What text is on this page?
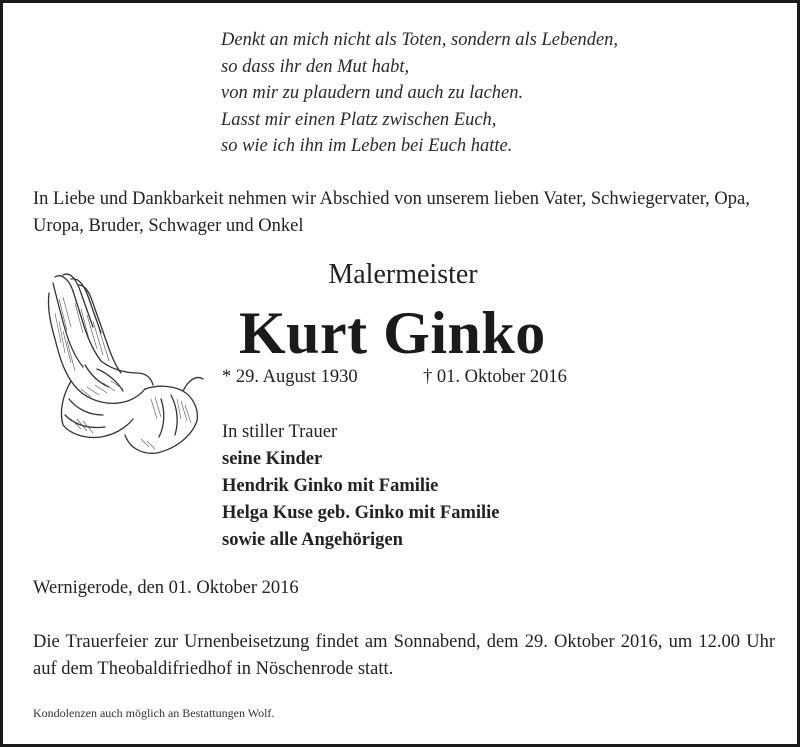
Denkt an mich nicht als Toten, sondern als Lebenden,
so dass ihr den Mut habt,
von mir zu plaudern und auch zu lachen.
Lasst mir einen Platz zwischen Euch,
so wie ich ihn im Leben bei Euch hatte.
In Liebe und Dankbarkeit nehmen wir Abschied von unserem lieben Vater, Schwiegervater, Opa, Uropa, Bruder, Schwager und Onkel
Malermeister
Kurt Ginko
* 29. August 1930	† 01. Oktober 2016
In stiller Trauer
seine Kinder
Hendrik Ginko mit Familie
Helga Kuse geb. Ginko mit Familie
sowie alle Angehörigen
Wernigerode, den 01. Oktober 2016
Die Trauerfeier zur Urnenbeisetzung findet am Sonnabend, dem 29. Oktober 2016, um 12.00 Uhr auf dem Theobaldifriedhof in Nöschenrode statt.
Kondolenzen auch möglich an Bestattungen Wolf.
